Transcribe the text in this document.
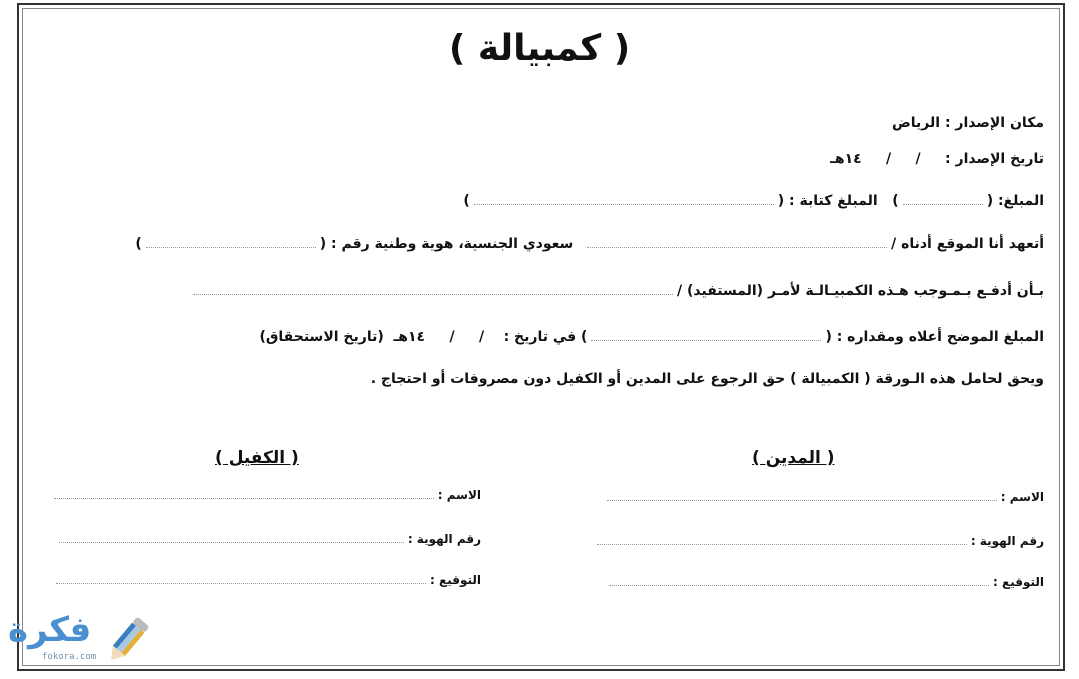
( كمبيالة )
مكان الإصدار :

الرياض
تاريخ الإصدار :

/     /     ١٤هـ
المبلغ: (
)

المبلغ كتابة : (
)
أتعهد أنا الموقع أدناه /

سعودي الجنسية، هوية وطنية رقم : (
)
بـأن أدفـع بـمـوجب هـذه الكمبيـالـة لأمـر (المستفيد) /
المبلغ الموضح أعلاه ومقداره : (
) في تاريخ :

/     /     ١٤هـ

(تاريخ الاستحقاق)
ويحق لحامل هذه الـورقة ( الكمبيالة ) حق الرجوع على المدين أو الكفيل دون مصروفات أو احتجاج .
( المدين )
( الكفيل )
الاسم :
رقم الهوية :
التوقيع :
الاسم :
رقم الهوية :
التوقيع :
فكرة
fokora.com
